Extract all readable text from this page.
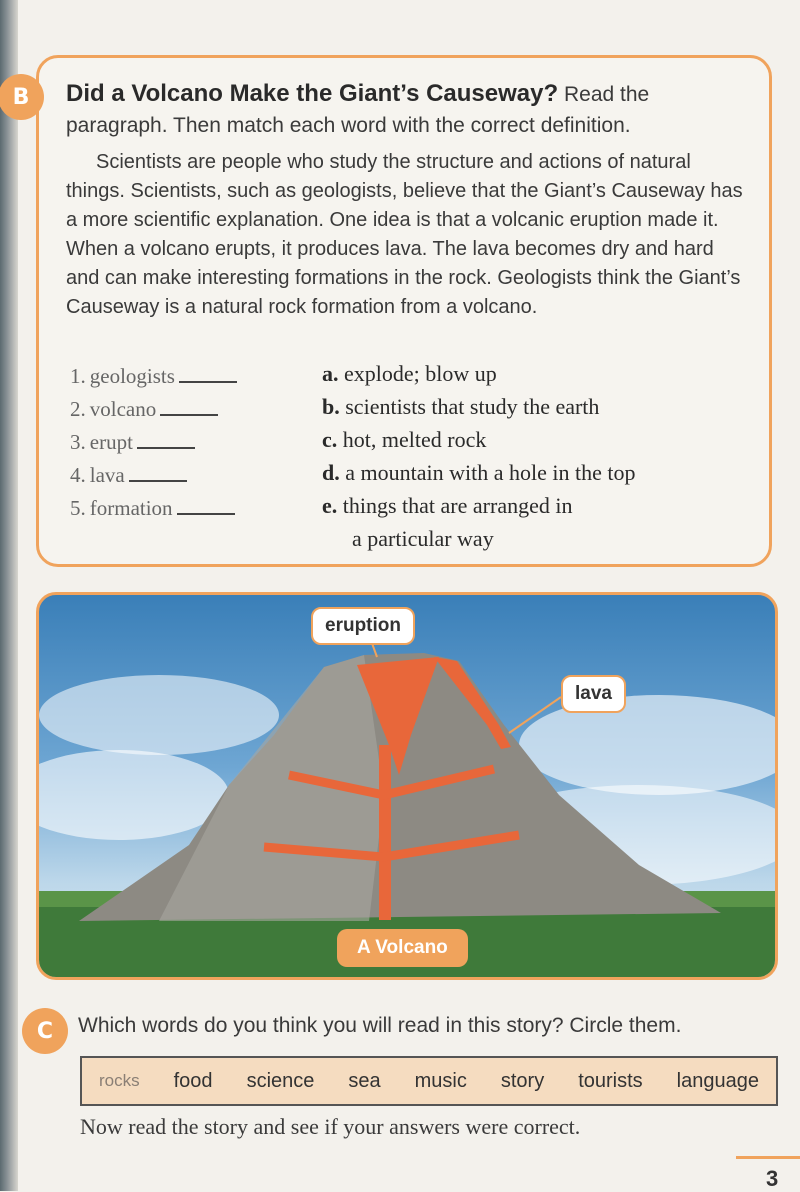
B	Did a Volcano Make the Giant’s Causeway? Read the paragraph. Then match each word with the correct definition.
Scientists are people who study the structure and actions of natural things. Scientists, such as geologists, believe that the Giant’s Causeway has a more scientific explanation. One idea is that a volcanic eruption made it. When a volcano erupts, it produces lava. The lava becomes dry and hard and can make interesting formations in the rock. Geologists think the Giant’s Causeway is a natural rock formation from a volcano.
1. geologists
2. volcano
3. erupt
4. lava
5. formation
a. explode; blow up
b. scientists that study the earth
c. hot, melted rock
d. a mountain with a hole in the top
e. things that are arranged in
a particular way
eruption
lava
A Volcano
C	Which words do you think you will read in this story? Circle them.
rocks food science sea music story tourists language
Now read the story and see if your answers were correct.
3
